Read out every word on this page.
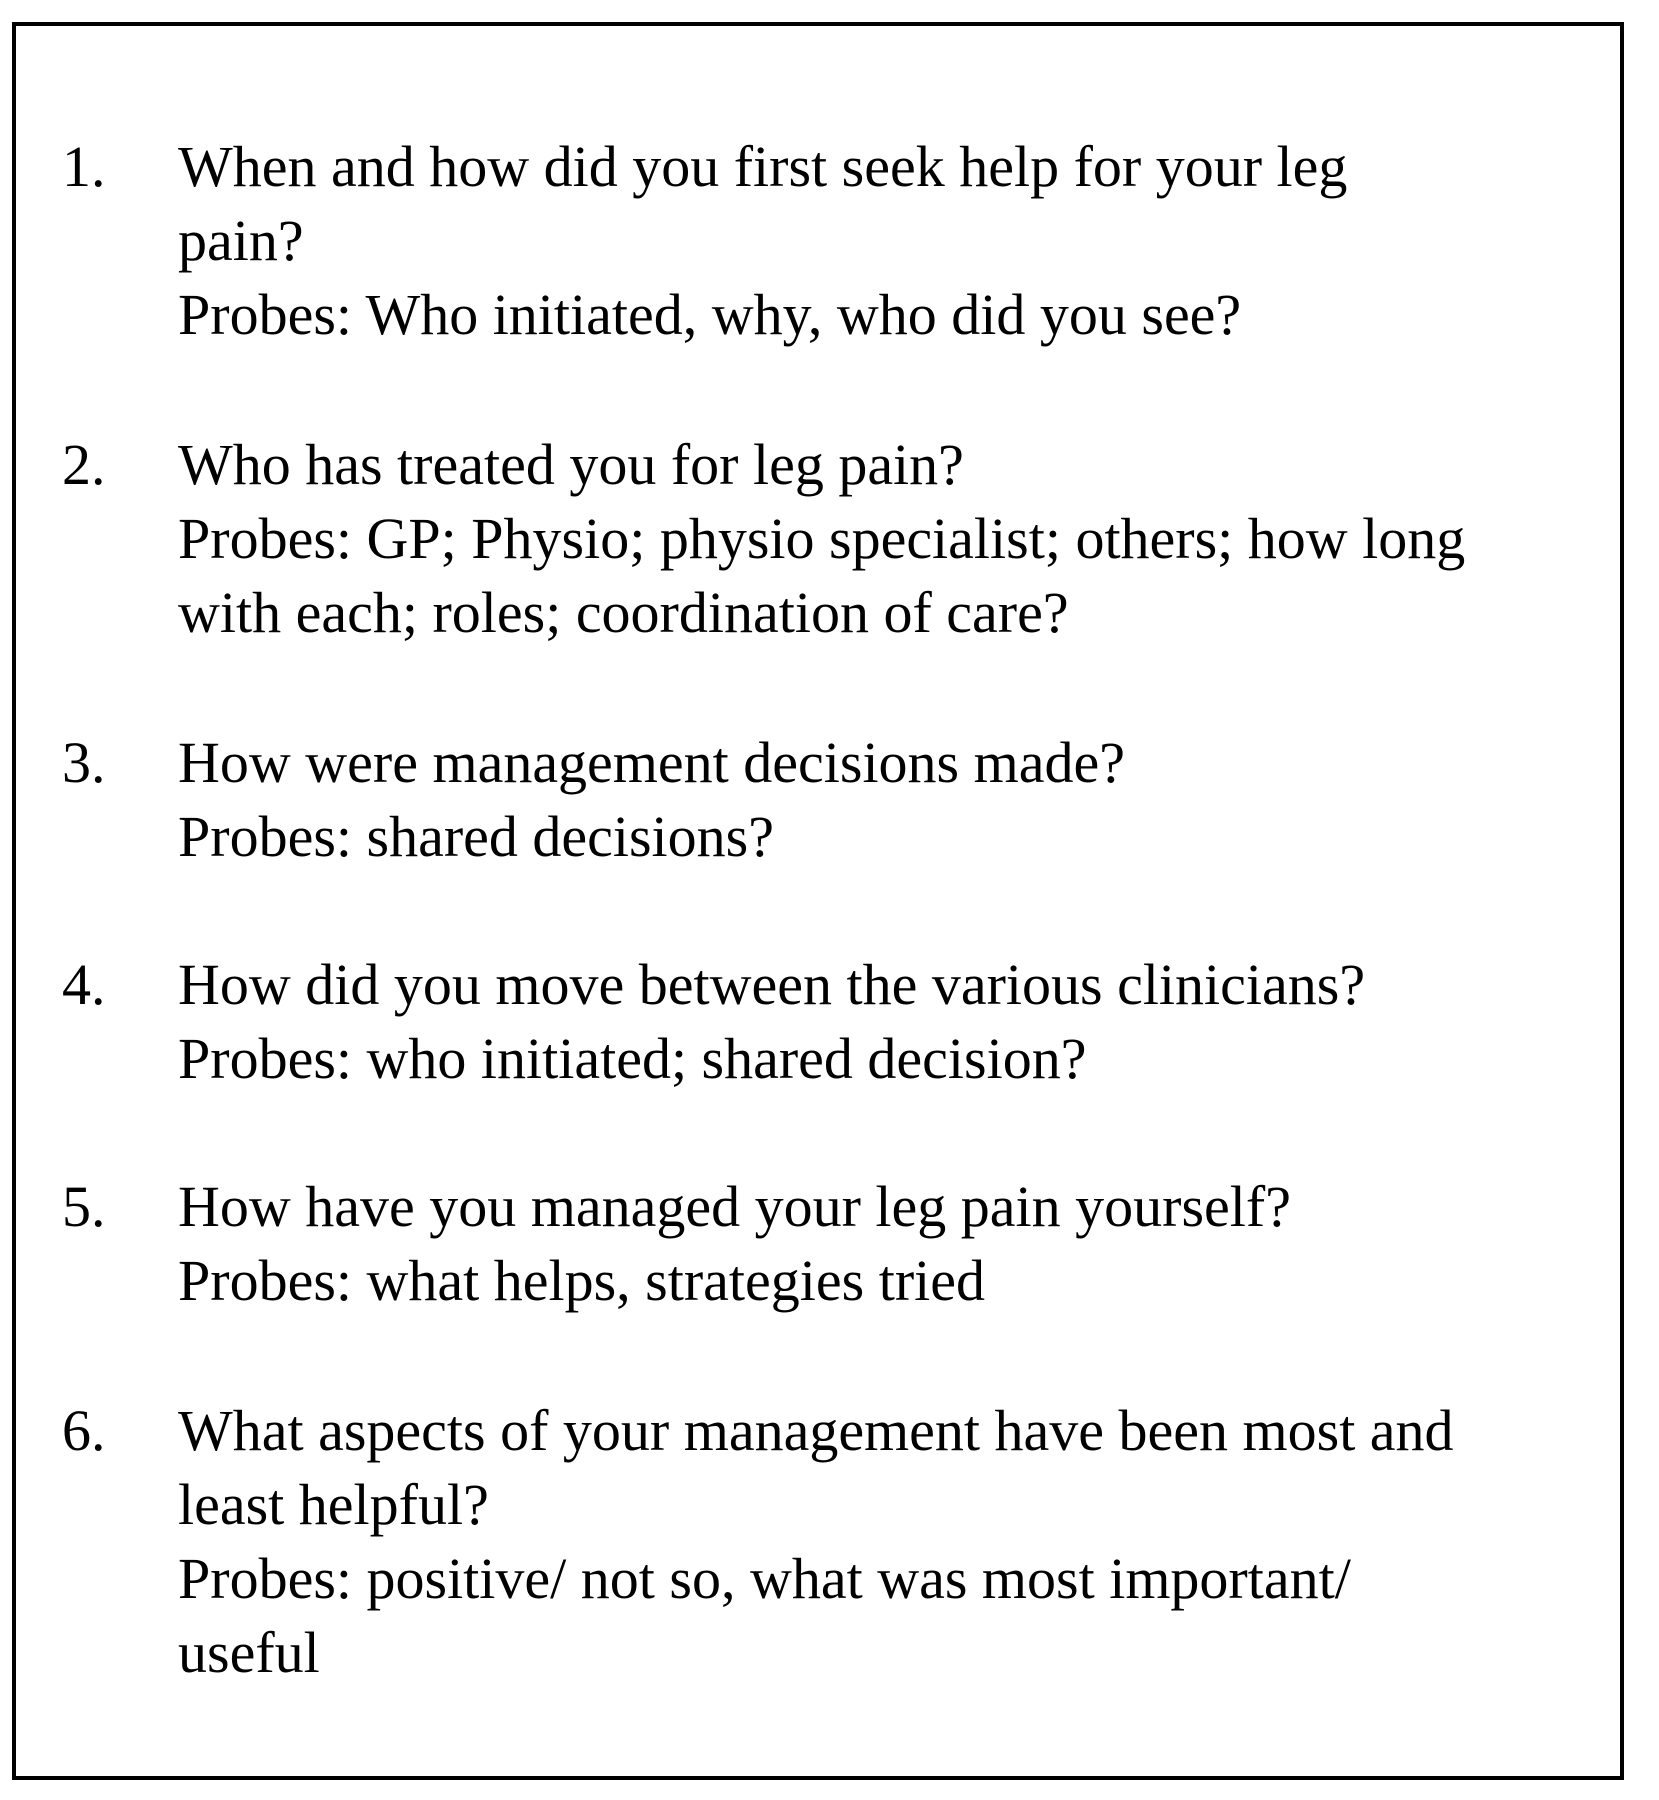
1.	When and how did you first seek help for your leg
pain?
Probes: Who initiated, why, who did you see?
2.	Who has treated you for leg pain?
Probes: GP; Physio; physio specialist; others; how long
with each; roles; coordination of care?
3.	How were management decisions made?
Probes: shared decisions?
4.	How did you move between the various clinicians?
Probes: who initiated; shared decision?
5.	How have you managed your leg pain yourself?
Probes: what helps, strategies tried
6.	What aspects of your management have been most and
least helpful?
Probes: positive/ not so, what was most important/
useful
